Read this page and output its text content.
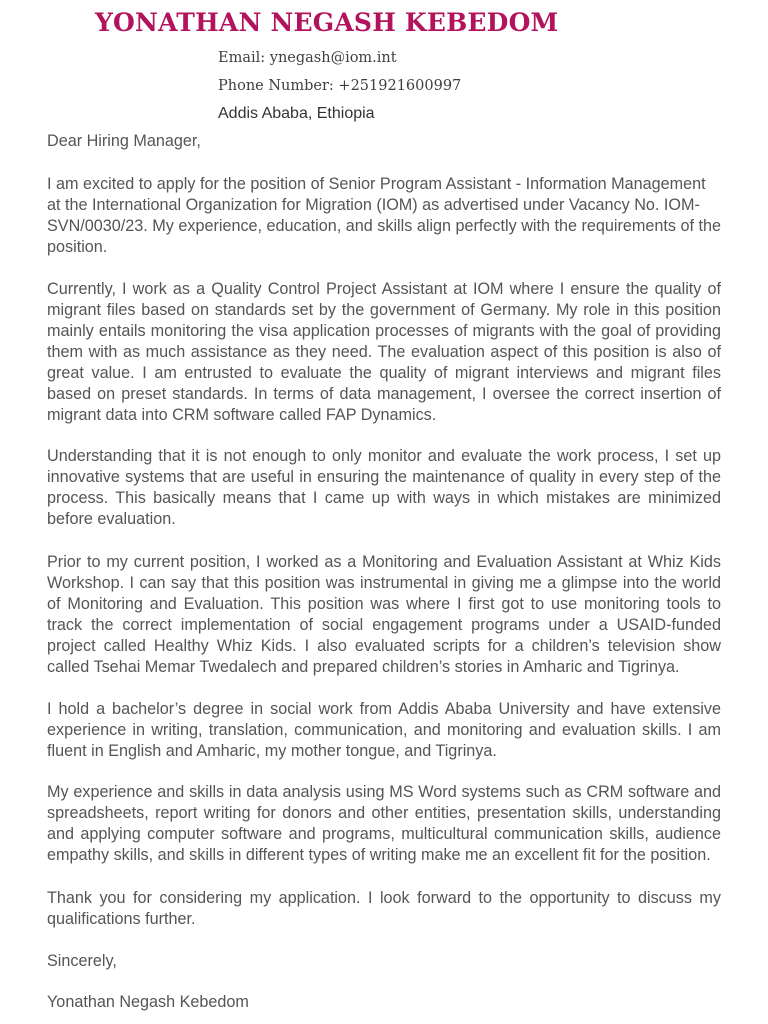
YONATHAN NEGASH KEBEDOM
Email: ynegash@iom.int
Phone Number: +251921600997
Addis Ababa, Ethiopia

Dear Hiring Manager,

I am excited to apply for the position of Senior Program Assistant - Information Management at the International Organization for Migration (IOM) as advertised under Vacancy No. IOM-SVN/0030/23. My experience, education, and skills align perfectly with the requirements of the position.

Currently, I work as a Quality Control Project Assistant at IOM where I ensure the quality of migrant files based on standards set by the government of Germany. My role in this position mainly entails monitoring the visa application processes of migrants with the goal of providing them with as much assistance as they need. The evaluation aspect of this position is also of great value. I am entrusted to evaluate the quality of migrant interviews and migrant files based on preset standards. In terms of data management, I oversee the correct insertion of migrant data into CRM software called FAP Dynamics.

Understanding that it is not enough to only monitor and evaluate the work process, I set up innovative systems that are useful in ensuring the maintenance of quality in every step of the process. This basically means that I came up with ways in which mistakes are minimized before evaluation.

Prior to my current position, I worked as a Monitoring and Evaluation Assistant at Whiz Kids Workshop. I can say that this position was instrumental in giving me a glimpse into the world of Monitoring and Evaluation. This position was where I first got to use monitoring tools to track the correct implementation of social engagement programs under a USAID-funded project called Healthy Whiz Kids. I also evaluated scripts for a children’s television show called Tsehai Memar Twedalech and prepared children’s stories in Amharic and Tigrinya.

I hold a bachelor’s degree in social work from Addis Ababa University and have extensive experience in writing, translation, communication, and monitoring and evaluation skills. I am fluent in English and Amharic, my mother tongue, and Tigrinya.

My experience and skills in data analysis using MS Word systems such as CRM software and spreadsheets, report writing for donors and other entities, presentation skills, understanding and applying computer software and programs, multicultural communication skills, audience empathy skills, and skills in different types of writing make me an excellent fit for the position.

Thank you for considering my application. I look forward to the opportunity to discuss my qualifications further.

Sincerely,

Yonathan Negash Kebedom
